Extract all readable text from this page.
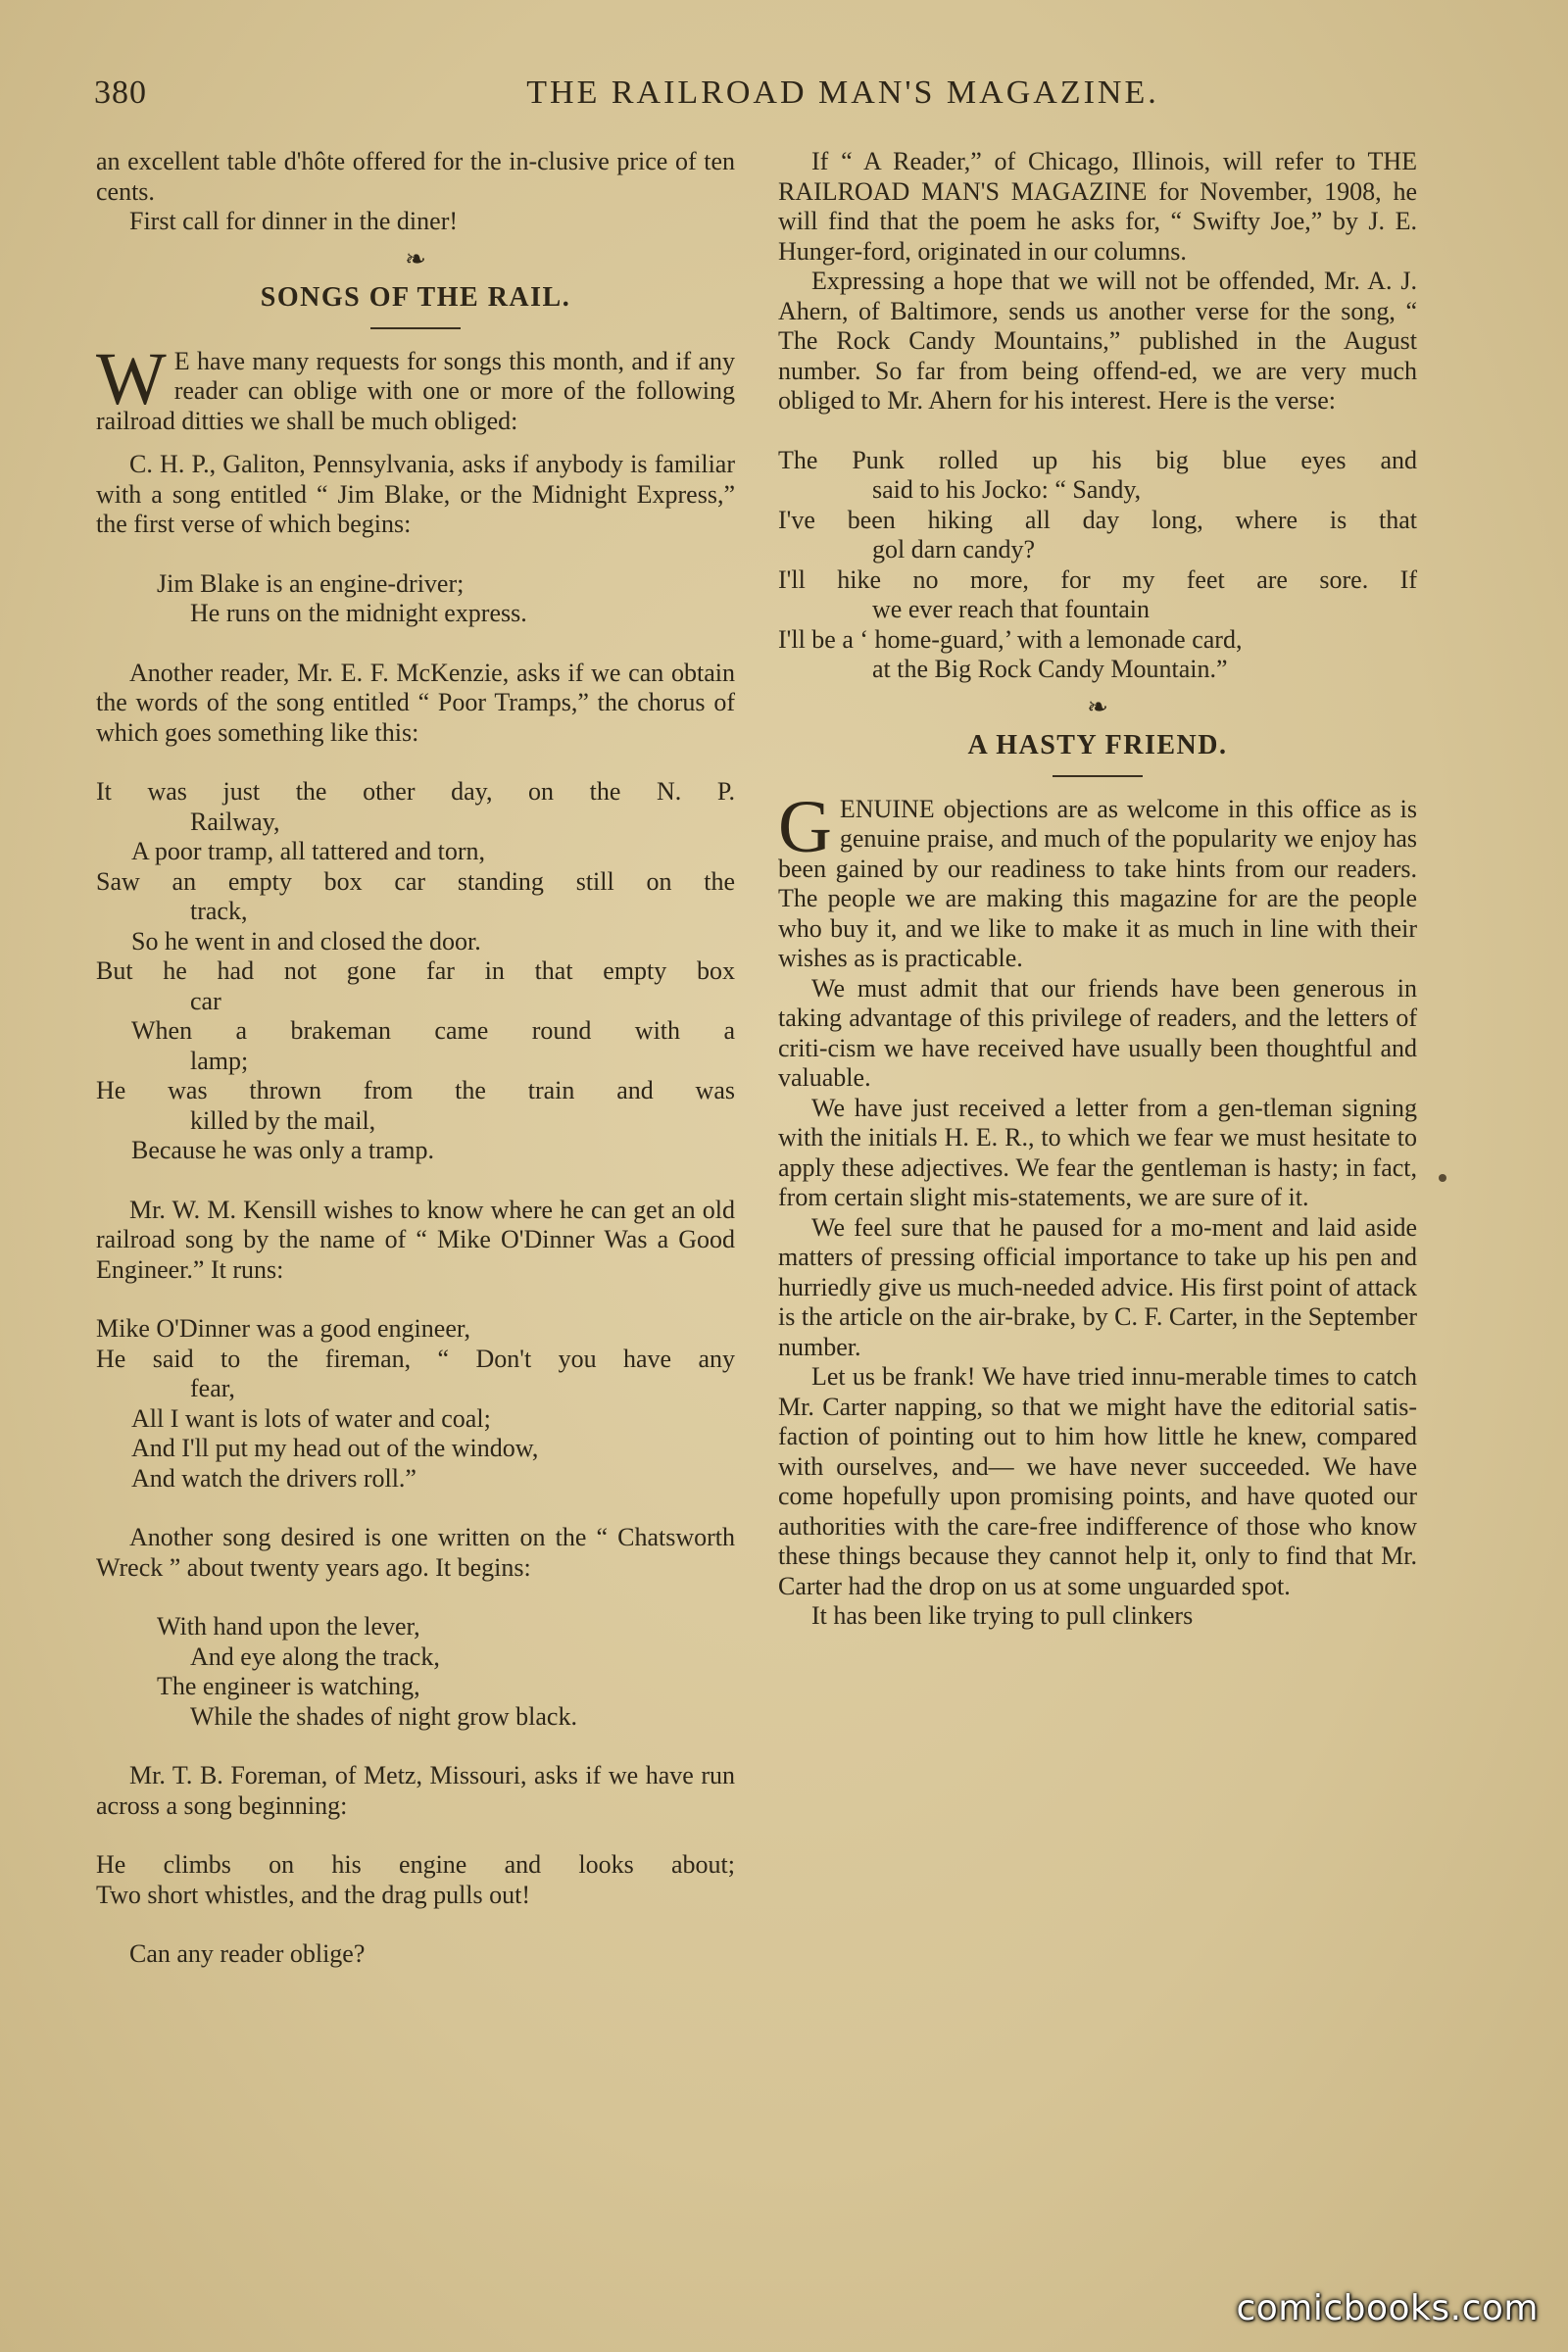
380	THE RAILROAD MAN'S MAGAZINE.

an excellent table d'hôte offered for the in-clusive price of ten cents.

First call for dinner in the diner!

❧
SONGS OF THE RAIL.

W E have many requests for songs this month, and if any reader can oblige with one or more of the following railroad ditties we shall be much obliged:

C. H. P., Galiton, Pennsylvania, asks if anybody is familiar with a song entitled “ Jim Blake, or the Midnight Express,” the first verse of which begins:

Jim Blake is an engine-driver;
He runs on the midnight express.

Another reader, Mr. E. F. McKenzie, asks if we can obtain the words of the song entitled “ Poor Tramps,” the chorus of which goes something like this:

It was just the other day, on the N. P.
Railway,
A poor tramp, all tattered and torn,
Saw an empty box car standing still on the
track,
So he went in and closed the door.
But he had not gone far in that empty box
car
When a brakeman came round with a
lamp;
He was thrown from the train and was
killed by the mail,
Because he was only a tramp.

Mr. W. M. Kensill wishes to know where he can get an old railroad song by the name of “ Mike O'Dinner Was a Good Engineer.” It runs:

Mike O'Dinner was a good engineer,
He said to the fireman, “ Don't you have any
fear,
All I want is lots of water and coal;
And I'll put my head out of the window,
And watch the drivers roll.”

Another song desired is one written on the “ Chatsworth Wreck ” about twenty years ago. It begins:

With hand upon the lever,
And eye along the track,
The engineer is watching,
While the shades of night grow black.

Mr. T. B. Foreman, of Metz, Missouri, asks if we have run across a song beginning:

He climbs on his engine and looks about;
Two short whistles, and the drag pulls out!

Can any reader oblige?

If “ A Reader,” of Chicago, Illinois, will refer to THE RAILROAD MAN'S MAGAZINE for November, 1908, he will find that the poem he asks for, “ Swifty Joe,” by J. E. Hunger-ford, originated in our columns.

Expressing a hope that we will not be offended, Mr. A. J. Ahern, of Baltimore, sends us another verse for the song, “ The Rock Candy Mountains,” published in the August number. So far from being offend-ed, we are very much obliged to Mr. Ahern for his interest. Here is the verse:

The Punk rolled up his big blue eyes and
said to his Jocko: “ Sandy,
I've been hiking all day long, where is that
gol darn candy?
I'll hike no more, for my feet are sore. If
we ever reach that fountain
I'll be a ‘ home-guard,’ with a lemonade card,
at the Big Rock Candy Mountain.”
❧
A HASTY FRIEND.

GENUINE objections are as welcome in this office as is genuine praise, and much of the popularity we enjoy has been gained by our readiness to take hints from our readers. The people we are making this magazine for are the people who buy it, and we like to make it as much in line with their wishes as is practicable.

We must admit that our friends have been generous in taking advantage of this privilege of readers, and the letters of criti-cism we have received have usually been thoughtful and valuable.

We have just received a letter from a gen-tleman signing with the initials H. E. R., to which we fear we must hesitate to apply these adjectives. We fear the gentleman is hasty; in fact, from certain slight mis-statements, we are sure of it.

We feel sure that he paused for a mo-ment and laid aside matters of pressing official importance to take up his pen and hurriedly give us much-needed advice. His first point of attack is the article on the air-brake, by C. F. Carter, in the September number.

Let us be frank! We have tried innu-merable times to catch Mr. Carter napping, so that we might have the editorial satis-faction of pointing out to him how little he knew, compared with ourselves, and— we have never succeeded. We have come hopefully upon promising points, and have quoted our authorities with the care-free indifference of those who know these things because they cannot help it, only to find that Mr. Carter had the drop on us at some unguarded spot.

It has been like trying to pull clinkers

comicbooks.com
